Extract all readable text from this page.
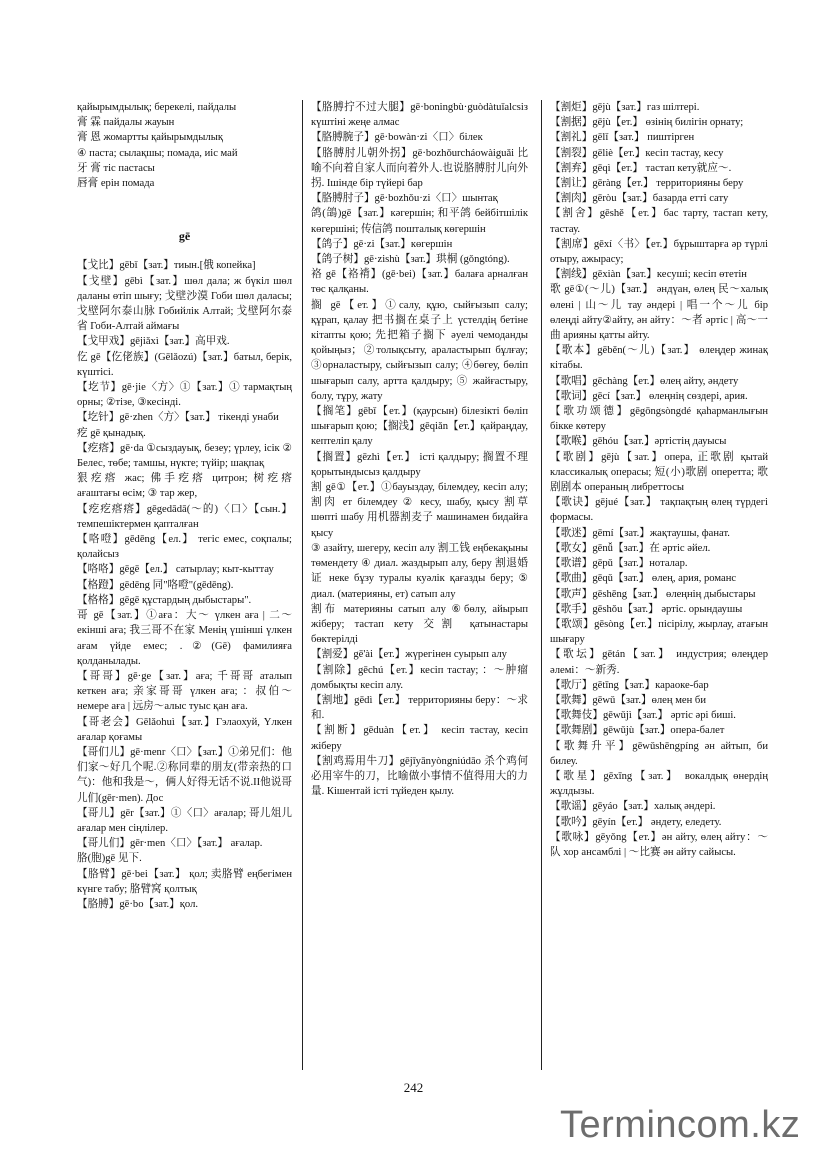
қайырымдылық; берекелі, пайдалы
膏 霖 пайдалы жауын
膏 恩 жомартты қайырымдылық
④ паста; сылақшы; помада, иіс май
牙 膏 тіс пастасы
唇膏 ерін помада
gē
【戈比】gēbǐ【зат.】тиын.[俄 копейка]
【戈壁】gēbì【зат.】шөл дала; ж бүкіл шөл даланы өтіп шығу; 戈壁沙漠 Гоби шөл даласы; 戈壁阿尔泰山脉 Гобийлік Алтай; 戈壁阿尔泰省 Гоби-Алтай аймағы
【戈甲戏】gējiǎxì【зат.】高甲戏.
仡 gē【仡佬族】(Gēlǎozú)【зат.】батыл, берік, күштісі.
【圪节】gē·jie〈方〉①【зат.】① тармақтың орны; ②тізе, ③кесінді.
【圪针】gē·zhen〈方〉【зат.】 тікенді унаби
疙 gē қынадық.
【疙瘩】gē·da ①сыздауық, безеу; үрлеу, ісік ② Белес, төбе; тамшы, нүкте; түйір; шақпақ
狠疙瘩 жас; 佛手疙瘩 цитрон; 树疙瘩 ағаштағы өсім; ③ тар жер,
【疙疙瘩瘩】gēgedādā(～的)〈口〉【сын.】 темпешіктермен қапталған
【咯噔】gēdēng【ел.】 тегіс емес, соқпалы; қолайсыз
【咯咯】gēgē【ел.】 сатырлау; кыт-кыттау
【格蹬】gēdēng 同"咯噔"(gēdēng).
【格格】gēgē құстардың дыбыстары".
哥 gē【зат.】①аға：大～ үлкен аға | 二～ екінші аға; 我三哥不在家 Менің үшінші үлкен ағам үйде емес; .②(Gē) фамилияға қолданылады.
【哥哥】gē·ge【зат.】аға; 千哥哥 аталып кеткен аға; 亲家哥哥 үлкен аға; ：叔伯～немере аға | 远房～алыс туыс қан аға.
【哥老会】Gēlǎohuì【зат.】Гэлаохуй, Үлкен ағалар қоғамы
【哥们儿】gē·menr〈口〉【зат.】①弟兄们：他们家～好几个呢.②称同辈的朋友(带亲热的口气)：他和我是～，俩人好得无话不说.II他说哥儿们(gēr·men). Дос
【哥儿】gēr【зат.】①〈口〉ағалар; 哥儿俎儿 ағалар мен сіңлілер.
【哥儿们】gēr·men〈口〉【зат.】 ағалар.
胳(胞)gē 见下.
【胳臂】gē·bei【зат.】 қол; 卖胳臂 еңбегімен күнге табу; 胳臂窝 қолтық
【胳膊】gē·bo【зат.】қол.
【胳膊拧不过大腿】gē·boningbù·guòdàtuǐalcsіз күштіні жеңе алмас
【胳膊腕子】gē·bowàn·zi〈口〉білек
【胳膊肘儿朝外拐】gē·bozhǒurcháowàiguǎi 比喻不向着自家人而向着外人.也说胳膊肘儿向外拐. Ішінде бір түйері бар
【胳膊肘子】gē·bozhǒu·zi〈口〉шынтақ
鸽(鴿)gē【зат.】кәгершін; 和平鸽 бейбітшілік көгершіні; 传信鸽 пошталық көгершін
【鸽子】gē·zi【зат.】көгершін
【鸽子树】gē·zishù【зат.】珙桐 (gǒngtóng).
袼 gē【袼褙】(gē·bei)【зат.】балаға арналған төс қалқаны.
搁 gē【ет.】①салу, құю, сыйғызып салу; құрап, қалау 把书搁在桌子上 үстелдің бетіне кітапты қою; 先把箱子搁下 әуелі чемоданды қойыңыз；②толықсыту, араластырып бұлғау; ③орналастыру, сыйғызып салу; ④бөгеу, бөліп шығарып салу, артта қалдыру; ⑤ жайғастыру, болу, тұру, жату
【搁笔】gēbǐ【ет.】(қаурсын) білезікті бөліп шығарып қою;【搁浅】gēqiǎn【ет.】қайраңдау, кептеліп қалу
【搁置】gēzhì【ет.】 істі қалдыру; 搁置不理 қорытындысыз қалдыру
割 gē①【ет.】①бауыздау, білемдеу, кесіп алу; 割肉 ет білемдеу ② кесу, шабу, қысу 割草 шөпті шабу 用机器割麦子 машинамен бидайға қысу
③ азайту, шегеру, кесіп алу 割工钱 еңбекақыны төмендету ④ диал. жаздырып алу, беру 割退婚证 неке бұзу туралы куәлік қағазды беру; ⑤ диал. (материяны, ет) сатып алу
割布 материяны сатып алу ⑥бөлу, айырып жіберу; тастап кету 交割 қатынастары бөктерілді
【割爱】gē'ài【ет.】жүрегінен суырып алу
【割除】gēchú【ет.】кесіп тастау; ：～肿瘤 домбықты кесіп алу.
【割地】gēdì【ет.】 территорияны беру：～求和.
【割断】gēduàn【ет.】 кесіп тастау, кесіп жіберу
【割鸡焉用牛刀】gējīyānyòngniúdāo 杀个鸡何必用宰牛的刀，比喻做小事情不值得用大的力量. Кішентай істі тұйеден қылу.
【割炬】gējù【зат.】газ шілтері.
【割据】gējù【ет.】 өзінің билігін орнату;
【割礼】gēlǐ【зат.】 пиштірген
【割裂】gēliè【ет.】кесіп тастау, кесу
【割弃】gēqì【ет.】 тастап кету就应～.
【割让】gēràng【ет.】 территорияны беру
【割肉】gēròu【зат.】базарда етті сату
【割舍】gēshě【ет.】бас тарту, тастап кету, тастау.
【割席】gēxí〈书〉【ет.】бұрыштарға әр түрлі отыру, ажырасу;
【割线】gēxiàn【зат.】кесуші; кесіп өтетін
歌 gē①(～儿)【зат.】 әндүан, өлең 民～халық өлені | 山～儿 тау әндері | 唱一个～儿 бір өлеңді айту②айту, ән айту：～者 әртіс | 高～一曲 арияны қатты айту.
【歌本】gēběn(～儿)【зат.】 өлеңдер жинақ кітабы.
【歌唱】gēchàng【ет.】өлең айту, әндету
【歌词】gēcí【зат.】 өлеңнің сөздері, ария.
【歌功颂德】gēgōngsòngdé қаһарманлығын бікке көтеру
【歌喉】gēhóu【зат.】әртістің дауысы
【歌剧】gējù【зат.】опера, 正歌剧 қытай классикалық операсы; 短(小)歌剧 оперетта; 歌剧剧本 операның либреттосы
【歌诀】gējué【зат.】 тақпақтың өлең түрдегі формасы.
【歌迷】gēmí【зат.】жақтаушы, фанат.
【歌女】gēnǚ【зат.】在 әртіс әйел.
【歌谱】gēpǔ【зат.】ноталар.
【歌曲】gēqǔ【зат.】 өлең, ария, романс
【歌声】gēshēng【зат.】 өлеңнің дыбыстары
【歌手】gēshǒu【зат.】 әртіс. орындаушы
【歌颂】gēsòng【ет.】пісірілу, жырлау, атағын шығару
【歌坛】gētán【зат.】 индустрия; өлеңдер әлемі：～新秀.
【歌厅】gētīng【зат.】караоке-бар
【歌舞】gēwǔ【зат.】өлең мен би
【歌舞伎】gēwǔjì【зат.】 әртіс әрі биші.
【歌舞剧】gēwǔjù【зат.】опера-балет
【歌舞升平】gēwǔshēngpíng ән айтып, би билеу.
【歌星】gēxīng【зат.】 вокалдық өнердің жұлдызы.
【歌谣】gēyáo【зат.】халық әндері.
【歌吟】gēyín【ет.】 әндету, еледету.
【歌咏】gēyǒng【ет.】ән айту, өлең айту：～队 хор ансамблі | ～比赛 ән айту сайысы.
242
Termincom.kz
